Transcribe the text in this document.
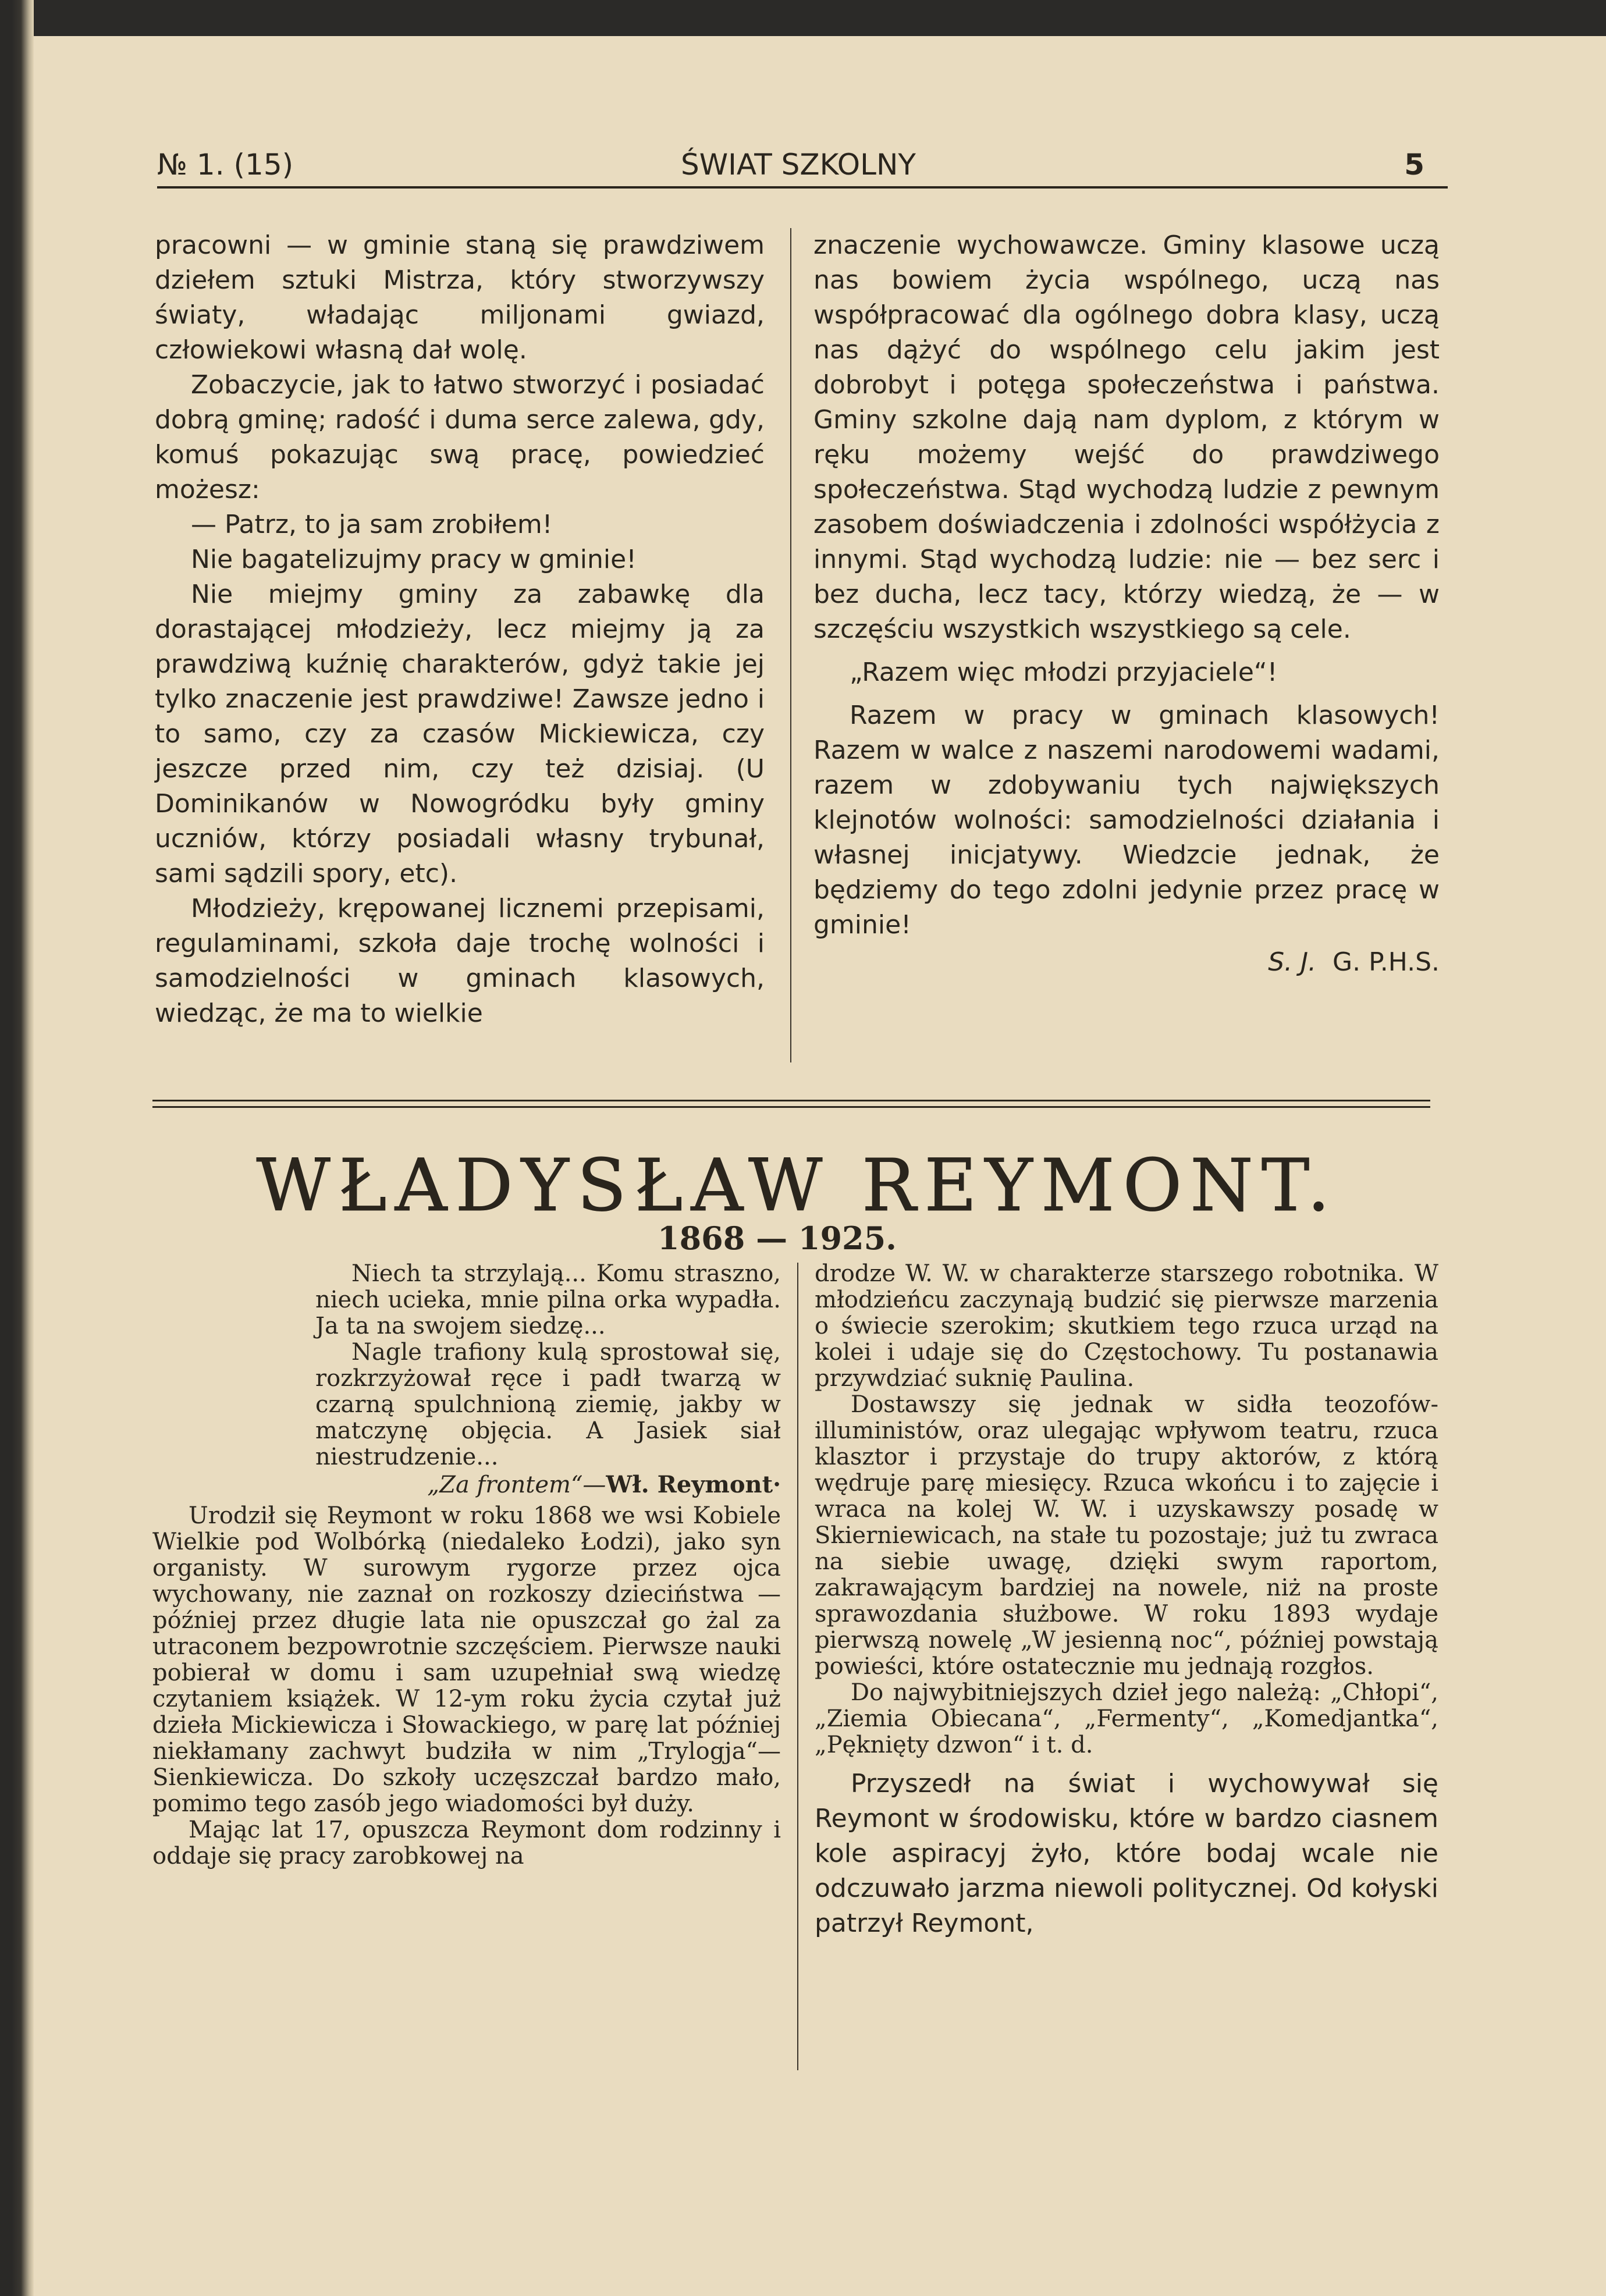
№ 1. (15)	ŚWIAT SZKOLNY	5

pracowni — w gminie staną się prawdziwem dziełem sztuki Mistrza, który stworzywszy światy, władając miljonami gwiazd, człowiekowi własną dał wolę.

Zobaczycie, jak to łatwo stworzyć i posiadać dobrą gminę; radość i duma serce zalewa, gdy, komuś pokazując swą pracę, powiedzieć możesz:

— Patrz, to ja sam zrobiłem!

Nie bagatelizujmy pracy w gminie!

Nie miejmy gminy za zabawkę dla dorastającej młodzieży, lecz miejmy ją za prawdziwą kuźnię charakterów, gdyż takie jej tylko znaczenie jest prawdziwe! Zawsze jedno i to samo, czy za czasów Mickiewicza, czy jeszcze przed nim, czy też dzisiaj. (U Dominikanów w Nowogródku były gminy uczniów, którzy posiadali własny trybunał, sami sądzili spory, etc).

Młodzieży, krępowanej licznemi przepisami, regulaminami, szkoła daje trochę wolności i samodzielności w gminach klasowych, wiedząc, że ma to wielkie

znaczenie wychowawcze. Gminy klasowe uczą nas bowiem życia wspólnego, uczą nas współpracować dla ogólnego dobra klasy, uczą nas dążyć do wspólnego celu jakim jest dobrobyt i potęga społeczeństwa i państwa. Gminy szkolne dają nam dyplom, z którym w ręku możemy wejść do prawdziwego społeczeństwa. Stąd wychodzą ludzie z pewnym zasobem doświadczenia i zdolności współżycia z innymi. Stąd wychodzą ludzie: nie — bez serc i bez ducha, lecz tacy, którzy wiedzą, że — w szczęściu wszystkich wszystkiego są cele.

„Razem więc młodzi przyjaciele“!

Razem w pracy w gminach klasowych! Razem w walce z naszemi narodowemi wadami, razem w zdobywaniu tych największych klejnotów wolności: samodzielności działania i własnej inicjatywy. Wiedzcie jednak, że będziemy do tego zdolni jedynie przez pracę w gminie!

S. J. G. P.H.S.

WŁADYSŁAW REYMONT.
1868 — 1925.

Niech ta strzylają... Komu straszno, niech ucieka, mnie pilna orka wypadła. Ja ta na swojem siedzę...

Nagle trafiony kulą sprostował się, rozkrzyżował ręce i padł twarzą w czarną spulchnioną ziemię, jakby w matczynę objęcia. A Jasiek siał niestrudzenie...

„Za frontem“—Wł. Reymont·

Urodził się Reymont w roku 1868 we wsi Kobiele Wielkie pod Wolbórką (niedaleko Łodzi), jako syn organisty. W surowym rygorze przez ojca wychowany, nie zaznał on rozkoszy dzieciństwa — później przez długie lata nie opuszczał go żal za utraconem bezpowrotnie szczęściem. Pierwsze nauki pobierał w domu i sam uzupełniał swą wiedzę czytaniem książek. W 12-ym roku życia czytał już dzieła Mickiewicza i Słowackiego, w parę lat później niekłamany zachwyt budziła w nim „Trylogja“— Sienkiewicza. Do szkoły uczęszczał bardzo mało, pomimo tego zasób jego wiadomości był duży.

Mając lat 17, opuszcza Reymont dom rodzinny i oddaje się pracy zarobkowej na

drodze W. W. w charakterze starszego robotnika. W młodzieńcu zaczynają budzić się pierwsze marzenia o świecie szerokim; skutkiem tego rzuca urząd na kolei i udaje się do Częstochowy. Tu postanawia przywdziać suknię Paulina.

Dostawszy się jednak w sidła teozofów-illuministów, oraz ulegając wpływom teatru, rzuca klasztor i przystaje do trupy aktorów, z którą wędruje parę miesięcy. Rzuca wkońcu i to zajęcie i wraca na kolej W. W. i uzyskawszy posadę w Skierniewicach, na stałe tu pozostaje; już tu zwraca na siebie uwagę, dzięki swym raportom, zakrawającym bardziej na nowele, niż na proste sprawozdania służbowe. W roku 1893 wydaje pierwszą nowelę „W jesienną noc“, później powstają powieści, które ostatecznie mu jednają rozgłos.

Do najwybitniejszych dzieł jego należą: „Chłopi“, „Ziemia Obiecana“, „Fermenty“, „Komedjantka“, „Pęknięty dzwon“ i t. d.

Przyszedł na świat i wychowywał się Reymont w środowisku, które w bardzo ciasnem kole aspiracyj żyło, które bodaj wcale nie odczuwało jarzma niewoli politycznej. Od kołyski patrzył Reymont,
